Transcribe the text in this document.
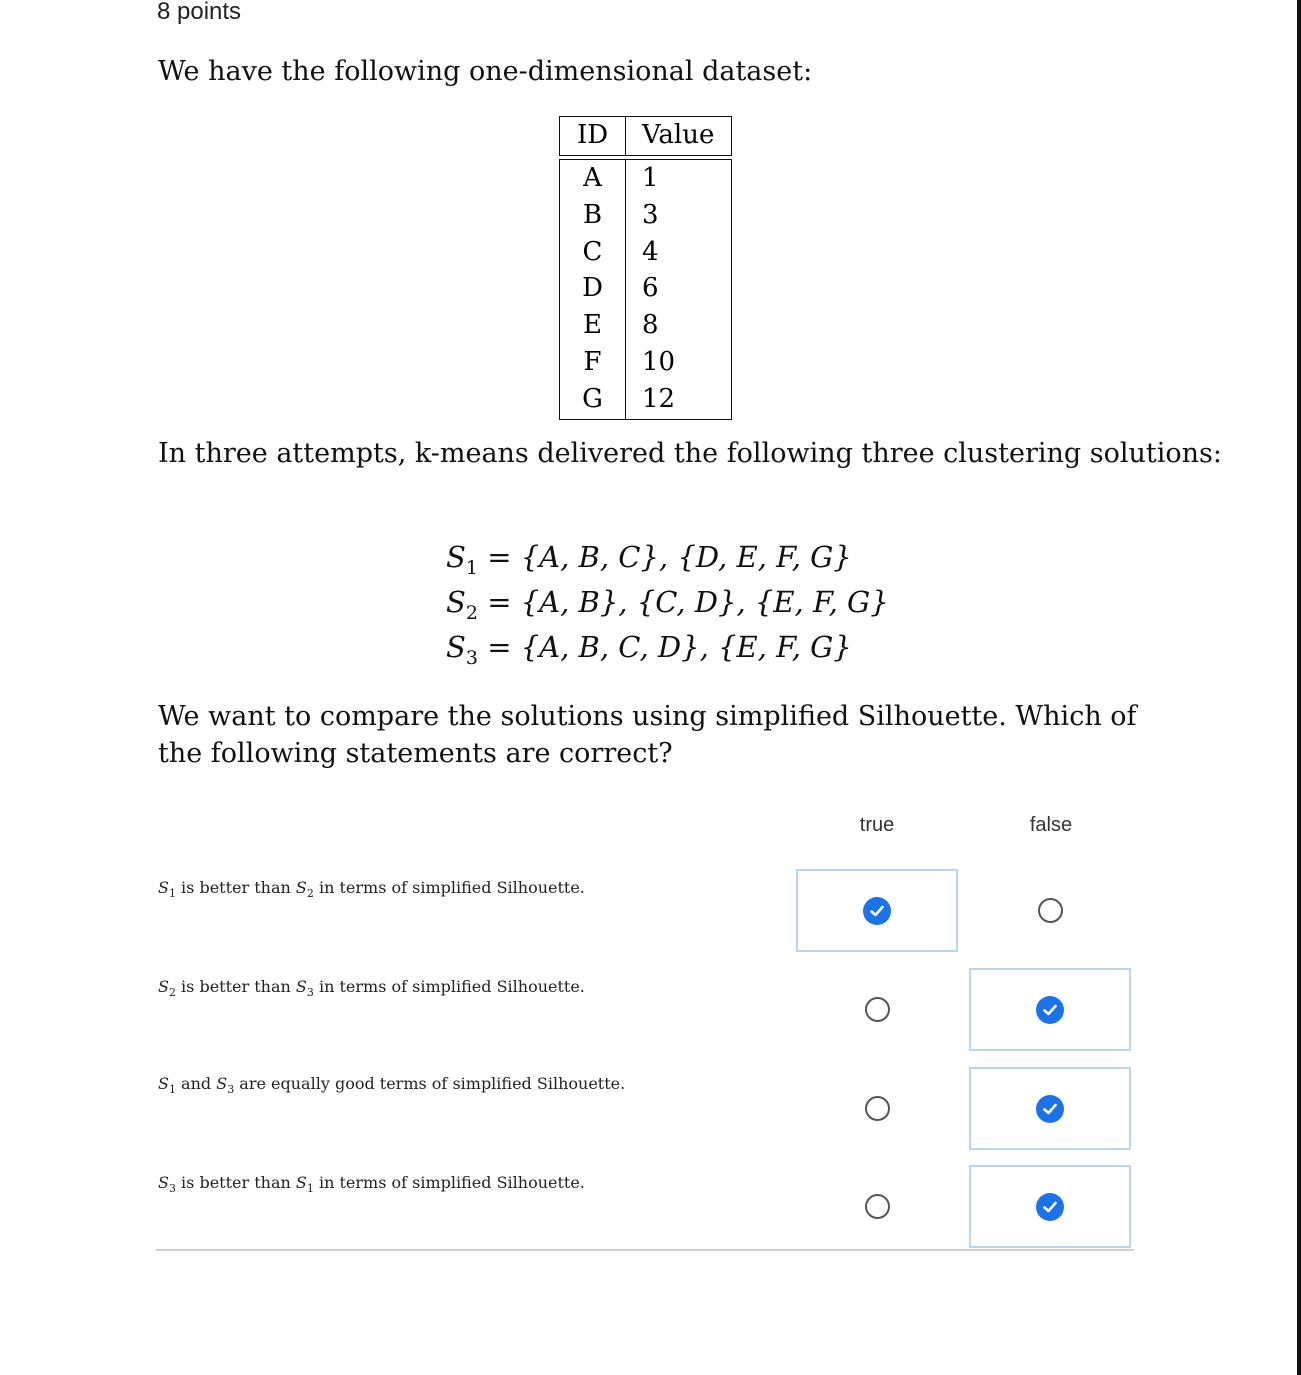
8 points
We have the following one-dimensional dataset:
ID	Value
A
B
C
D
E
F
G
1
3
4
6
8
10
12
In three attempts, k-means delivered the following three clustering solutions:
$S_1 = \{A$, B, C}, {D, E, F, G}
$S_2 = \{A$, B}, {C, D}, {E, F, G}
$S_3 = \{A$, B, C, D}, {E, F, G}
We want to compare the solutions using simplified Silhouette. Which of the following statements are correct?
true	false
$S_1$ is better than $S_2$ in terms of simplified Silhouette.
$S_2$ is better than $S_3$ in terms of simplified Silhouette.
$S_1$ and $S_3$ are equally good terms of simplified Silhouette.
$S_3$ is better than $S_1$ in terms of simplified Silhouette.
